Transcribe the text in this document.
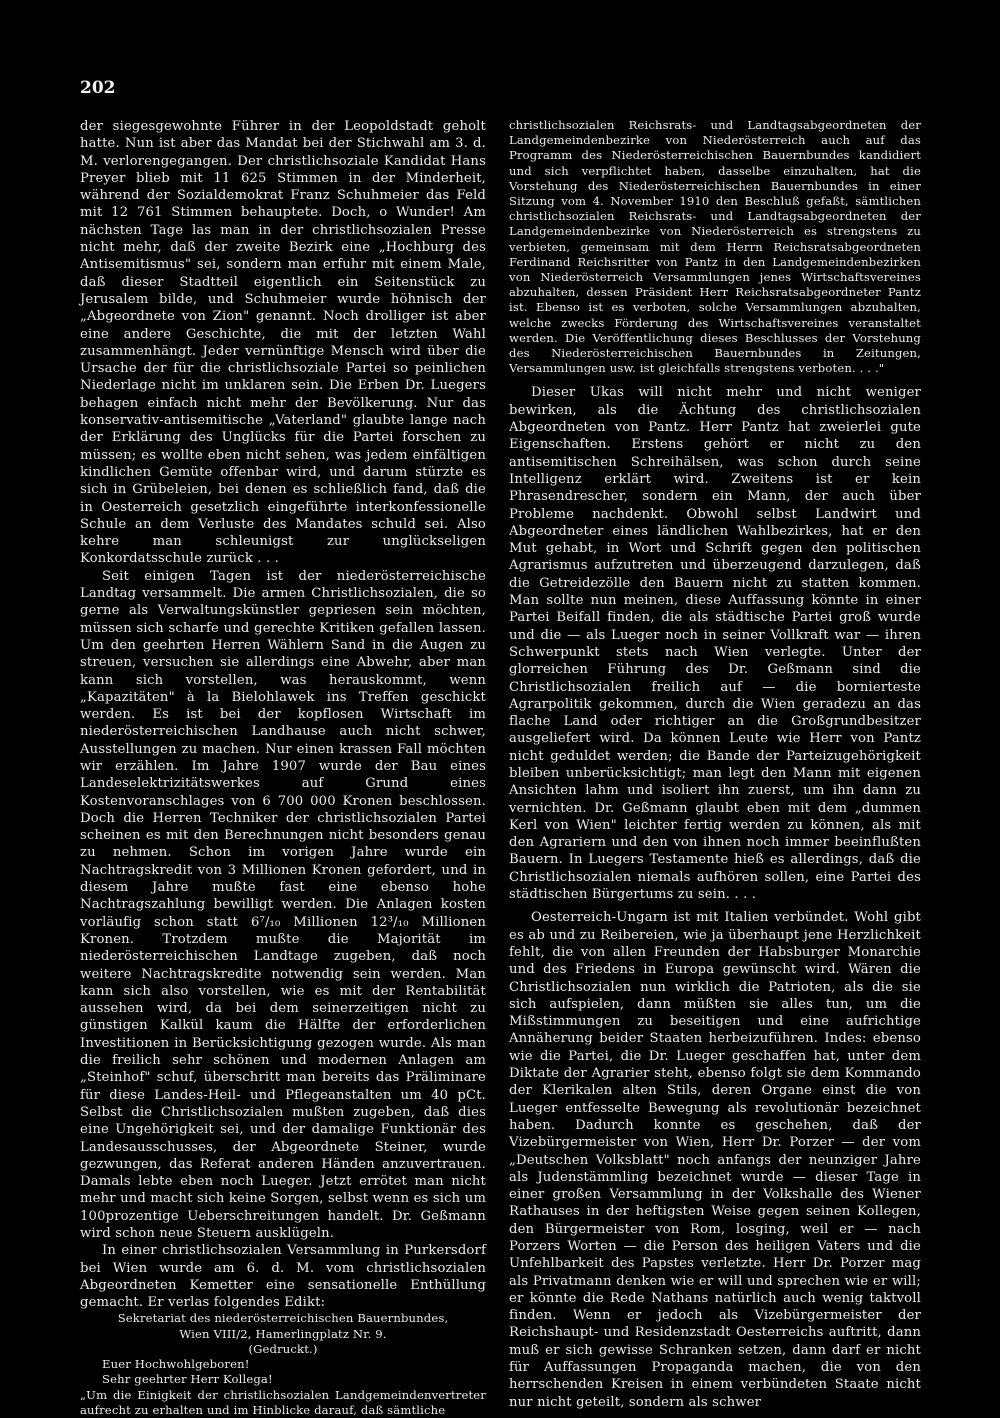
202

der siegesgewohnte Führer in der Leopoldstadt geholt hatte. Nun ist aber das Mandat bei der Stichwahl am 3. d. M. verlorengegangen. Der christlichsoziale Kandidat Hans Preyer blieb mit 11 625 Stimmen in der Minderheit, während der Sozialdemokrat Franz Schuhmeier das Feld mit 12 761 Stimmen behauptete. Doch, o Wunder! Am nächsten Tage las man in der christlichsozialen Presse nicht mehr, daß der zweite Bezirk eine „Hochburg des Antisemitismus" sei, sondern man erfuhr mit einem Male, daß dieser Stadtteil eigentlich ein Seitenstück zu Jerusalem bilde, und Schuhmeier wurde höhnisch der „Abgeordnete von Zion" genannt. Noch drolliger ist aber eine andere Geschichte, die mit der letzten Wahl zusammenhängt. Jeder vernünftige Mensch wird über die Ursache der für die christlichsoziale Partei so peinlichen Niederlage nicht im unklaren sein. Die Erben Dr. Luegers behagen einfach nicht mehr der Bevölkerung. Nur das konservativ-antisemitische „Vaterland" glaubte lange nach der Erklärung des Unglücks für die Partei forschen zu müssen; es wollte eben nicht sehen, was jedem einfältigen kindlichen Gemüte offenbar wird, und darum stürzte es sich in Grübeleien, bei denen es schließlich fand, daß die in Oesterreich gesetzlich eingeführte interkonfessionelle Schule an dem Verluste des Mandates schuld sei. Also kehre man schleunigst zur unglückseligen Konkordatsschule zurück . . .

Seit einigen Tagen ist der niederösterreichische Landtag versammelt. Die armen Christlichsozialen, die so gerne als Verwaltungskünstler gepriesen sein möchten, müssen sich scharfe und gerechte Kritiken gefallen lassen. Um den geehrten Herren Wählern Sand in die Augen zu streuen, versuchen sie allerdings eine Abwehr, aber man kann sich vorstellen, was herauskommt, wenn „Kapazitäten" à la Bielohlawek ins Treffen geschickt werden. Es ist bei der kopflosen Wirtschaft im niederösterreichischen Landhause auch nicht schwer, Ausstellungen zu machen. Nur einen krassen Fall möchten wir erzählen. Im Jahre 1907 wurde der Bau eines Landeselektrizitätswerkes auf Grund eines Kostenvoranschlages von 6 700 000 Kronen beschlossen. Doch die Herren Techniker der christlichsozialen Partei scheinen es mit den Berechnungen nicht besonders genau zu nehmen. Schon im vorigen Jahre wurde ein Nachtragskredit von 3 Millionen Kronen gefordert, und in diesem Jahre mußte fast eine ebenso hohe Nachtragszahlung bewilligt werden. Die Anlagen kosten vorläufig schon statt 6⁷/₁₀ Millionen 12³/₁₀ Millionen Kronen. Trotzdem mußte die Majorität im niederösterreichischen Landtage zugeben, daß noch weitere Nachtragskredite notwendig sein werden. Man kann sich also vorstellen, wie es mit der Rentabilität aussehen wird, da bei dem seinerzeitigen nicht zu günstigen Kalkül kaum die Hälfte der erforderlichen Investitionen in Berücksichtigung gezogen wurde. Als man die freilich sehr schönen und modernen Anlagen am „Steinhof" schuf, überschritt man bereits das Präliminare für diese Landes-Heil- und Pflegeanstalten um 40 pCt. Selbst die Christlichsozialen mußten zugeben, daß dies eine Ungehörigkeit sei, und der damalige Funktionär des Landesausschusses, der Abgeordnete Steiner, wurde gezwungen, das Referat anderen Händen anzuvertrauen. Damals lebte eben noch Lueger. Jetzt errötet man nicht mehr und macht sich keine Sorgen, selbst wenn es sich um 100prozentige Ueberschreitungen handelt. Dr. Geßmann wird schon neue Steuern ausklügeln.

In einer christlichsozialen Versammlung in Purkersdorf bei Wien wurde am 6. d. M. vom christlichsozialen Abgeordneten Kemetter eine sensationelle Enthüllung gemacht. Er verlas folgendes Edikt:

Sekretariat des niederösterreichischen Bauernbundes,

Wien VIII/2, Hamerlingplatz Nr. 9.

(Gedruckt.)

Euer Hochwohlgeboren!

Sehr geehrter Herr Kollega!

„Um die Einigkeit der christlichsozialen Landgemeindenvertreter aufrecht zu erhalten und im Hinblicke darauf, daß sämtliche

christlichsozialen Reichsrats- und Landtagsabgeordneten der Landgemeindenbezirke von Niederösterreich auch auf das Programm des Niederösterreichischen Bauernbundes kandidiert und sich verpflichtet haben, dasselbe einzuhalten, hat die Vorstehung des Niederösterreichischen Bauernbundes in einer Sitzung vom 4. November 1910 den Beschluß gefaßt, sämtlichen christlichsozialen Reichsrats- und Landtagsabgeordneten der Landgemeindenbezirke von Niederösterreich es strengstens zu verbieten, gemeinsam mit dem Herrn Reichsratsabgeordneten Ferdinand Reichsritter von Pantz in den Landgemeindenbezirken von Niederösterreich Versammlungen jenes Wirtschaftsvereines abzuhalten, dessen Präsident Herr Reichsratsabgeordneter Pantz ist. Ebenso ist es verboten, solche Versammlungen abzuhalten, welche zwecks Förderung des Wirtschaftsvereines veranstaltet werden. Die Veröffentlichung dieses Beschlusses der Vorstehung des Niederösterreichischen Bauernbundes in Zeitungen, Versammlungen usw. ist gleichfalls strengstens verboten. . . ."

Dieser Ukas will nicht mehr und nicht weniger bewirken, als die Ächtung des christlichsozialen Abgeordneten von Pantz. Herr Pantz hat zweierlei gute Eigenschaften. Erstens gehört er nicht zu den antisemitischen Schreihälsen, was schon durch seine Intelligenz erklärt wird. Zweitens ist er kein Phrasendrescher, sondern ein Mann, der auch über Probleme nachdenkt. Obwohl selbst Landwirt und Abgeordneter eines ländlichen Wahlbezirkes, hat er den Mut gehabt, in Wort und Schrift gegen den politischen Agrarismus aufzutreten und überzeugend darzulegen, daß die Getreidezölle den Bauern nicht zu statten kommen. Man sollte nun meinen, diese Auffassung könnte in einer Partei Beifall finden, die als städtische Partei groß wurde und die — als Lueger noch in seiner Vollkraft war — ihren Schwerpunkt stets nach Wien verlegte. Unter der glorreichen Führung des Dr. Geßmann sind die Christlichsozialen freilich auf — die bornierteste Agrarpolitik gekommen, durch die Wien geradezu an das flache Land oder richtiger an die Großgrundbesitzer ausgeliefert wird. Da können Leute wie Herr von Pantz nicht geduldet werden; die Bande der Parteizugehörigkeit bleiben unberücksichtigt; man legt den Mann mit eigenen Ansichten lahm und isoliert ihn zuerst, um ihn dann zu vernichten. Dr. Geßmann glaubt eben mit dem „dummen Kerl von Wien" leichter fertig werden zu können, als mit den Agrariern und den von ihnen noch immer beeinflußten Bauern. In Luegers Testamente hieß es allerdings, daß die Christlichsozialen niemals aufhören sollen, eine Partei des städtischen Bürgertums zu sein. . . .

Oesterreich-Ungarn ist mit Italien verbündet. Wohl gibt es ab und zu Reibereien, wie ja überhaupt jene Herzlichkeit fehlt, die von allen Freunden der Habsburger Monarchie und des Friedens in Europa gewünscht wird. Wären die Christlichsozialen nun wirklich die Patrioten, als die sie sich aufspielen, dann müßten sie alles tun, um die Mißstimmungen zu beseitigen und eine aufrichtige Annäherung beider Staaten herbeizuführen. Indes: ebenso wie die Partei, die Dr. Lueger geschaffen hat, unter dem Diktate der Agrarier steht, ebenso folgt sie dem Kommando der Klerikalen alten Stils, deren Organe einst die von Lueger entfesselte Bewegung als revolutionär bezeichnet haben. Dadurch konnte es geschehen, daß der Vizebürgermeister von Wien, Herr Dr. Porzer — der vom „Deutschen Volksblatt" noch anfangs der neunziger Jahre als Judenstämmling bezeichnet wurde — dieser Tage in einer großen Versammlung in der Volkshalle des Wiener Rathauses in der heftigsten Weise gegen seinen Kollegen, den Bürgermeister von Rom, losging, weil er — nach Porzers Worten — die Person des heiligen Vaters und die Unfehlbarkeit des Papstes verletzte. Herr Dr. Porzer mag als Privatmann denken wie er will und sprechen wie er will; er könnte die Rede Nathans natürlich auch wenig taktvoll finden. Wenn er jedoch als Vizebürgermeister der Reichshaupt- und Residenzstadt Oesterreichs auftritt, dann muß er sich gewisse Schranken setzen, dann darf er nicht für Auffassungen Propaganda machen, die von den herrschenden Kreisen in einem verbündeten Staate nicht nur nicht geteilt, sondern als schwer
